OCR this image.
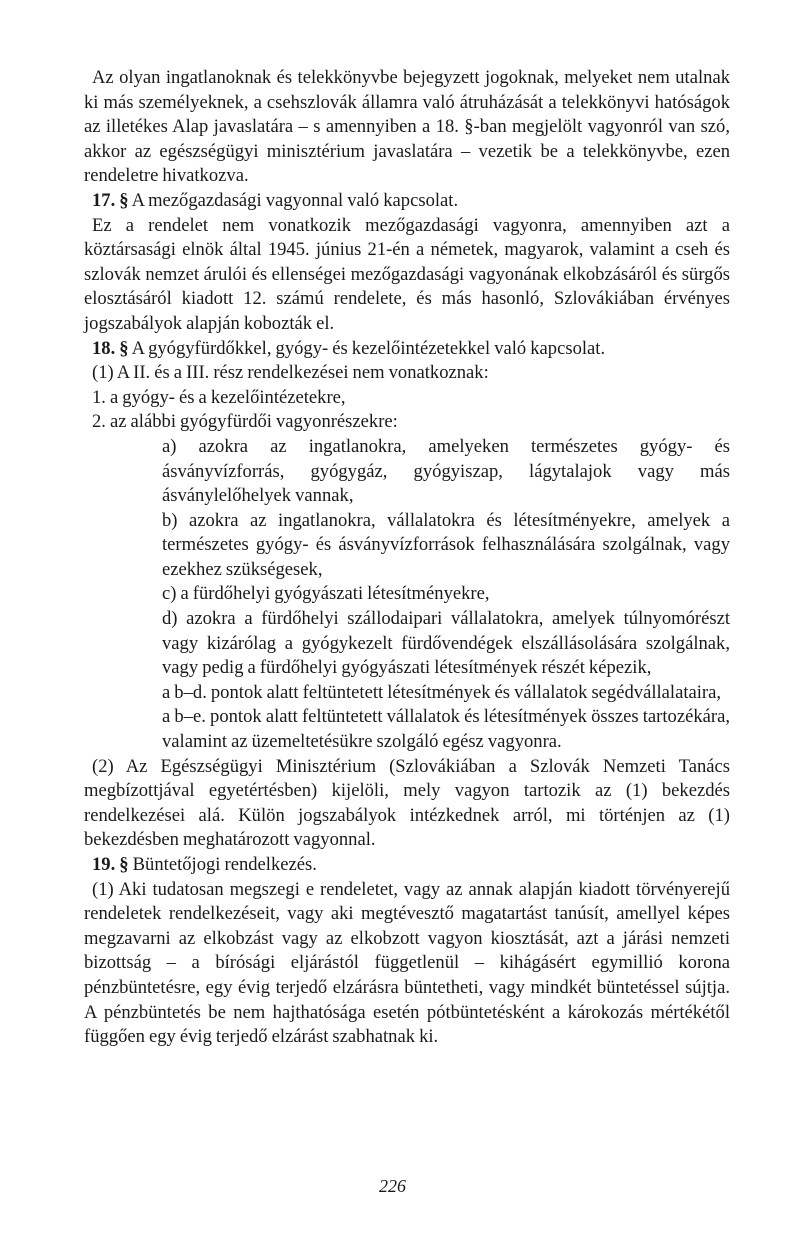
Az olyan ingatlanoknak és telekkönyvbe bejegyzett jogoknak, melyeket nem utalnak ki más személyeknek, a csehszlovák államra való átruházását a telekkönyvi hatóságok az illetékes Alap javaslatára – s amennyiben a 18. §-ban megjelölt vagyonról van szó, akkor az egészségügyi minisztérium javaslatára – vezetik be a telekkönyvbe, ezen rendeletre hivatkozva.

17. § A mezőgazdasági vagyonnal való kapcsolat.

Ez a rendelet nem vonatkozik mezőgazdasági vagyonra, amennyiben azt a köztársasági elnök által 1945. június 21-én a németek, magyarok, valamint a cseh és szlovák nemzet árulói és ellenségei mezőgazdasági vagyonának elkobzásáról és sürgős elosztásáról kiadott 12. számú rendelete, és más hasonló, Szlovákiában érvényes jogszabályok alapján kobozták el.

18. § A gyógyfürdőkkel, gyógy- és kezelőintézetekkel való kapcsolat.

(1) A II. és a III. rész rendelkezései nem vonatkoznak:

1. a gyógy- és a kezelőintézetekre,

2. az alábbi gyógyfürdői vagyonrészekre:

a) azokra az ingatlanokra, amelyeken természetes gyógy- és ásványvízforrás, gyógygáz, gyógyiszap, lágytalajok vagy más ásványlelőhelyek vannak,

b) azokra az ingatlanokra, vállalatokra és létesítményekre, amelyek a természetes gyógy- és ásványvízforrások felhasználására szolgálnak, vagy ezekhez szükségesek,

c) a fürdőhelyi gyógyászati létesítményekre,

d) azokra a fürdőhelyi szállodaipari vállalatokra, amelyek túlnyomórészt vagy kizárólag a gyógykezelt fürdővendégek elszállásolására szolgálnak, vagy pedig a fürdőhelyi gyógyászati létesítmények részét képezik,

a b–d. pontok alatt feltüntetett létesítmények és vállalatok segédvállalataira,

a b–e. pontok alatt feltüntetett vállalatok és létesítmények összes tartozékára, valamint az üzemeltetésükre szolgáló egész vagyonra.

(2) Az Egészségügyi Minisztérium (Szlovákiában a Szlovák Nemzeti Tanács megbízottjával egyetértésben) kijelöli, mely vagyon tartozik az (1) bekezdés rendelkezései alá. Külön jogszabályok intézkednek arról, mi történjen az (1) bekezdésben meghatározott vagyonnal.

19. § Büntetőjogi rendelkezés.

(1) Aki tudatosan megszegi e rendeletet, vagy az annak alapján kiadott törvényerejű rendeletek rendelkezéseit, vagy aki megtévesztő magatartást tanúsít, amellyel képes megzavarni az elkobzást vagy az elkobzott vagyon kiosztását, azt a járási nemzeti bizottság – a bírósági eljárástól függetlenül – kihágásért egymillió korona pénzbüntetésre, egy évig terjedő elzárásra büntetheti, vagy mindkét büntetéssel sújtja. A pénzbüntetés be nem hajthatósága esetén pótbüntetésként a károkozás mértékétől függően egy évig terjedő elzárást szabhatnak ki.

226
